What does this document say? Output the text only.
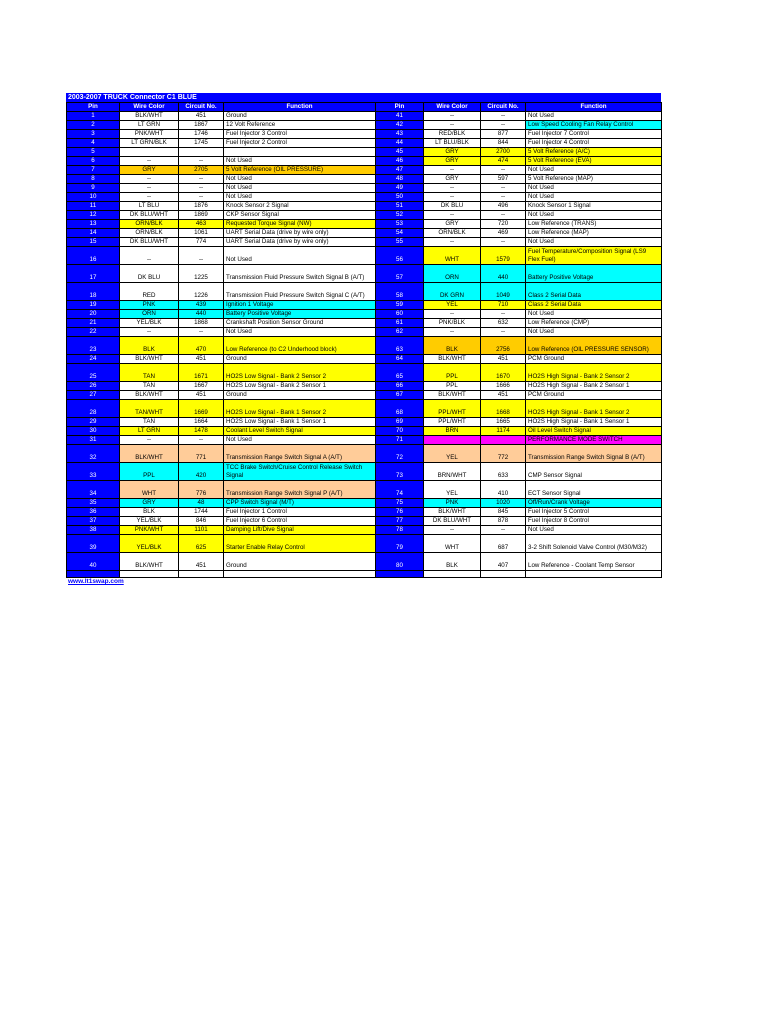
2003-2007 TRUCK Connector C1 BLUE
Pin	Wire Color	Circuit No.	Function	Pin	Wire Color	Circuit No.	Function
1	BLK/WHT	451	Ground	41	--	--	Not Used
2	LT GRN	1867	12 Volt Reference	42	--	--	Low Speed Cooling Fan Relay Control
3	PNK/WHT	1746	Fuel Injector 3 Control	43	RED/BLK	877	Fuel Injector 7 Control
4	LT GRN/BLK	1745	Fuel Injector 2 Control	44	LT BLU/BLK	844	Fuel Injector 4 Control
5				45	GRY	2700	5 Volt Reference (A/C)
6	--	--	Not Used	46	GRY	474	5 Volt Reference (EVA)
7	GRY	2705	5 Volt Reference (OIL PRESSURE)	47	--	--	Not Used
8	--	--	Not Used	48	GRY	597	5 Volt Reference (MAP)
9	--	--	Not Used	49	--	--	Not Used
10	--	--	Not Used	50	--	--	Not Used
11	LT BLU	1876	Knock Sensor 2 Signal	51	DK BLU	496	Knock Sensor 1 Signal
12	DK BLU/WHT	1869	CKP Sensor Signal	52	--	--	Not Used
13	ORN/BLK	463	Requested Torque Signal (NW)	53	GRY	720	Low Reference (TRANS)
14	ORN/BLK	1061	UART Serial Data (drive by wire only)	54	ORN/BLK	469	Low Reference (MAP)
15	DK BLU/WHT	774	UART Serial Data (drive by wire only)	55	--	--	Not Used
16	--	--	Not Used	56	WHT	1579	Fuel Temperature/Composition Signal (LS9 Flex Fuel)
17	DK BLU	1225	Transmission Fluid Pressure Switch Signal B (A/T)	57	ORN	440	Battery Positive Voltage
18	RED	1226	Transmission Fluid Pressure Switch Signal C (A/T)	58	DK GRN	1049	Class 2 Serial Data
19	PNK	439	Ignition 1 Voltage	59	YEL	710	Class 2 Serial Data
20	ORN	440	Battery Positive Voltage	60	--	--	Not Used
21	YEL/BLK	1868	Crankshaft Position Sensor Ground	61	PNK/BLK	632	Low Reference (CMP)
22	--	--	Not Used	62	--	--	Not Used
23	BLK	470	Low Reference (to C2 Underhood block)	63	BLK	2756	Low Reference (OIL PRESSURE SENSOR)
24	BLK/WHT	451	Ground	64	BLK/WHT	451	PCM Ground
25	TAN	1671	HO2S Low Signal - Bank 2 Sensor 2	65	PPL	1670	HO2S High Signal - Bank 2 Sensor 2
26	TAN	1667	HO2S Low Signal - Bank 2 Sensor 1	66	PPL	1666	HO2S High Signal - Bank 2 Sensor 1
27	BLK/WHT	451	Ground	67	BLK/WHT	451	PCM Ground
28	TAN/WHT	1669	HO2S Low Signal - Bank 1 Sensor 2	68	PPL/WHT	1668	HO2S High Signal - Bank 1 Sensor 2
29	TAN	1664	HO2S Low Signal - Bank 1 Sensor 1	69	PPL/WHT	1665	HO2S High Signal - Bank 1 Sensor 1
30	LT GRN	1478	Coolant Level Switch Signal	70	BRN	1174	Oil Level Switch Signal
31	--	--	Not Used	71			PERFORMANCE MODE SWITCH
32	BLK/WHT	771	Transmission Range Switch Signal A (A/T)	72	YEL	772	Transmission Range Switch Signal B (A/T)
33	PPL	420	TCC Brake Switch/Cruise Control Release Switch Signal	73	BRN/WHT	633	CMP Sensor Signal
34	WHT	776	Transmission Range Switch Signal P (A/T)	74	YEL	410	ECT Sensor Signal
35	GRY	48	CPP Switch Signal (M/T)	75	PNK	1020	Off/Run/Crank Voltage
36	BLK	1744	Fuel Injector 1 Control	76	BLK/WHT	845	Fuel Injector 5 Control
37	YEL/BLK	846	Fuel Injector 6 Control	77	DK BLU/WHT	878	Fuel Injector 8 Control
38	PNK/WHT	1101	Damping Lift/Dive Signal	78	--	--	Not Used
39	YEL/BLK	625	Starter Enable Relay Control	79	WHT	687	3-2 Shift Solenoid Valve Control (M30/M32)
40	BLK/WHT	451	Ground	80	BLK	407	Low Reference - Coolant Temp Sensor

www.lt1swap.com
